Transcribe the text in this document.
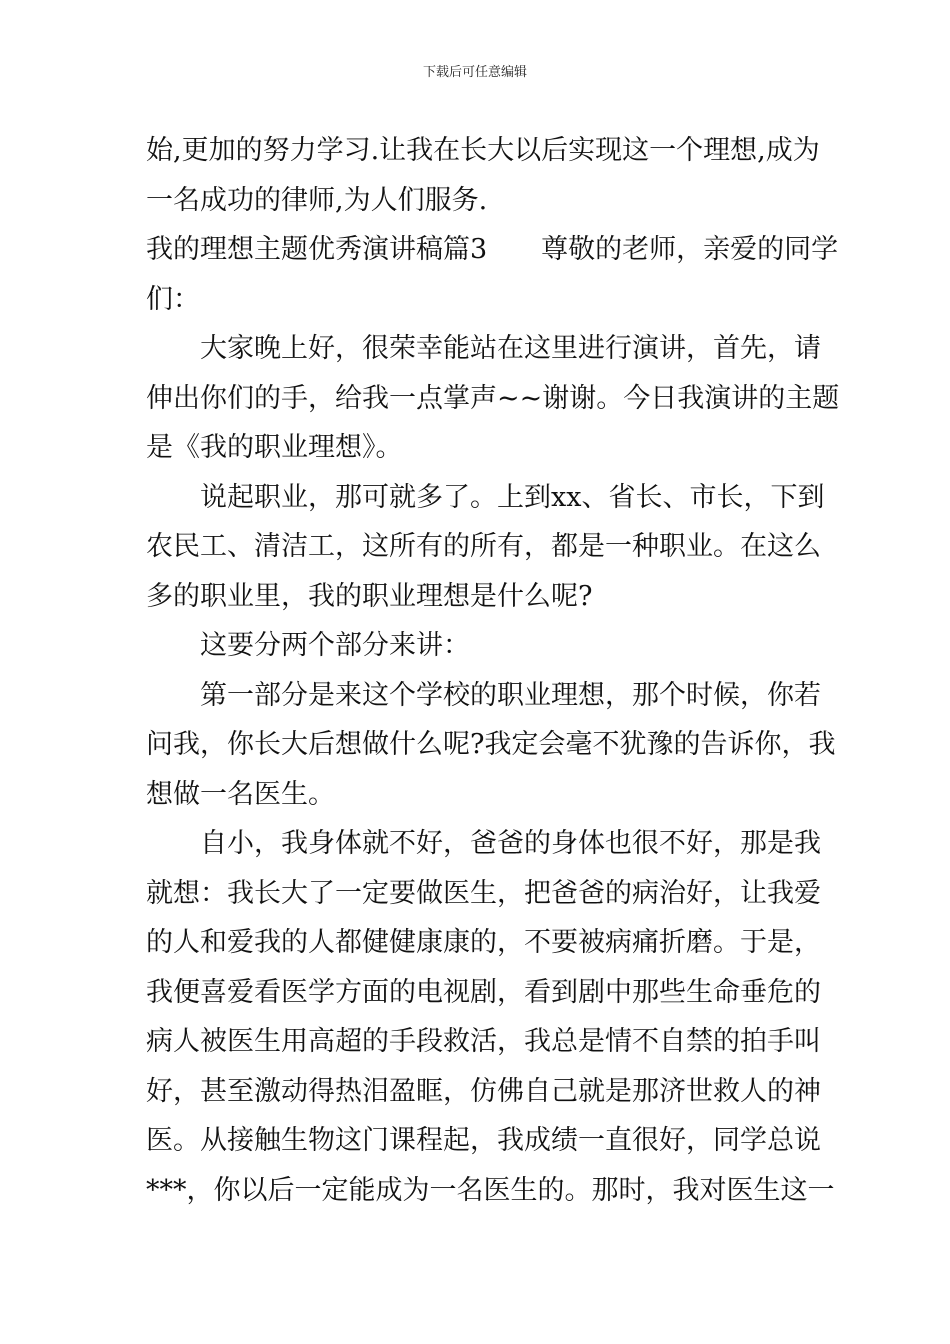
下载后可任意编辑
始,更加的努力学习.让我在长大以后实现这一个理想,成为
一名成功的律师,为人们服务.
我的理想主题优秀演讲稿篇3　　尊敬的老师，亲爱的同学
们：
大家晚上好，很荣幸能站在这里进行演讲，首先，请
伸出你们的手，给我一点掌声~~谢谢。今日我演讲的主题
是《我的职业理想》。
说起职业，那可就多了。上到xx、省长、市长，下到
农民工、清洁工，这所有的所有，都是一种职业。在这么
多的职业里，我的职业理想是什么呢?
这要分两个部分来讲：
第一部分是来这个学校的职业理想，那个时候，你若
问我，你长大后想做什么呢?我定会毫不犹豫的告诉你，我
想做一名医生。
自小，我身体就不好，爸爸的身体也很不好，那是我
就想：我长大了一定要做医生，把爸爸的病治好，让我爱
的人和爱我的人都健健康康的，不要被病痛折磨。于是，
我便喜爱看医学方面的电视剧，看到剧中那些生命垂危的
病人被医生用高超的手段救活，我总是情不自禁的拍手叫
好，甚至激动得热泪盈眶，仿佛自己就是那济世救人的神
医。从接触生物这门课程起，我成绩一直很好，同学总说
***，你以后一定能成为一名医生的。那时，我对医生这一
